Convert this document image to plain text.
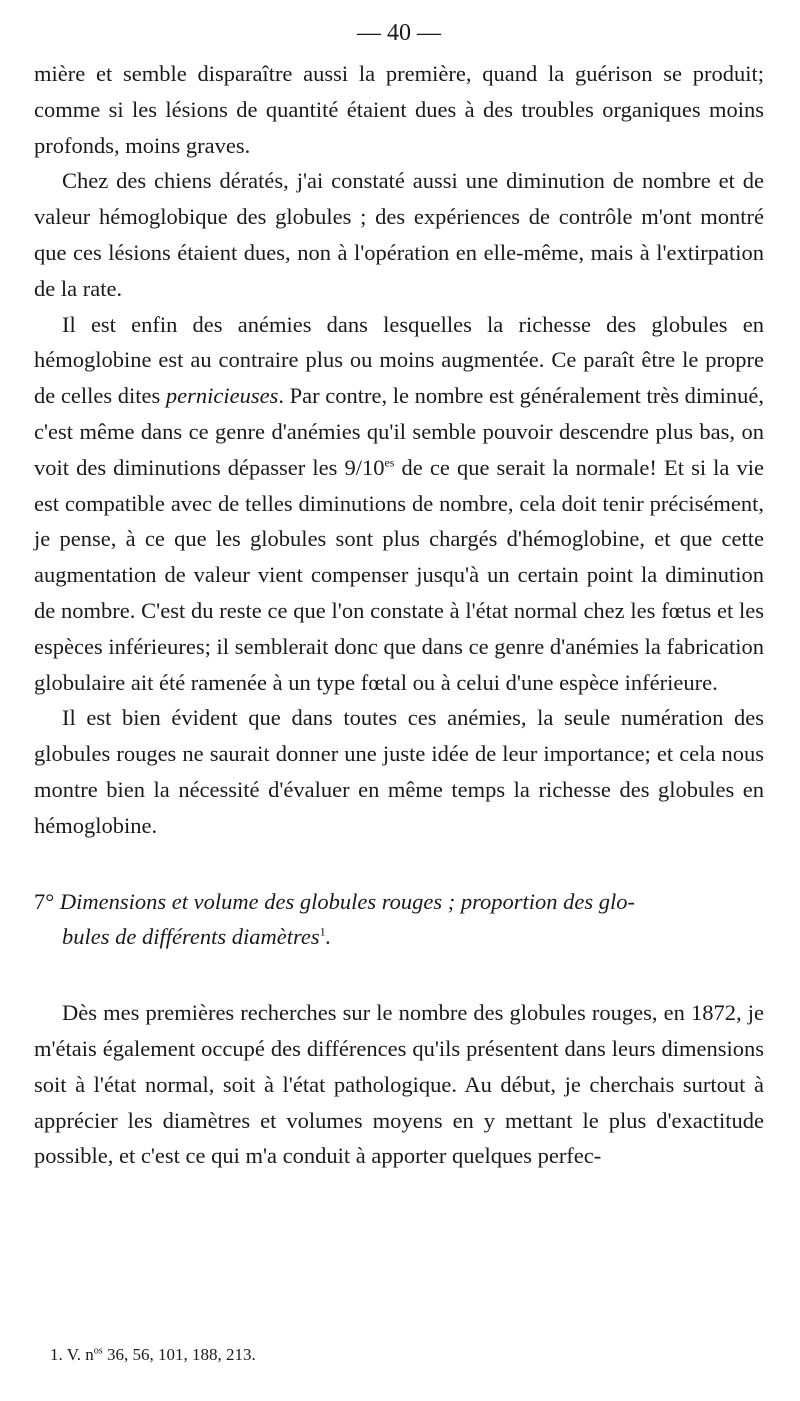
— 40 —

mière et semble disparaître aussi la première, quand la guérison se produit; comme si les lésions de quantité étaient dues à des troubles organiques moins profonds, moins graves.

Chez des chiens dératés, j'ai constaté aussi une diminution de nombre et de valeur hémoglobique des globules ; des expériences de contrôle m'ont montré que ces lésions étaient dues, non à l'opération en elle-même, mais à l'extirpation de la rate.

Il est enfin des anémies dans lesquelles la richesse des globules en hémoglobine est au contraire plus ou moins augmentée. Ce paraît être le propre de celles dites pernicieuses. Par contre, le nombre est généralement très diminué, c'est même dans ce genre d'anémies qu'il semble pouvoir descendre plus bas, on voit des diminutions dépasser les $9/10^{es}$ de ce que serait la normale! Et si la vie est compatible avec de telles diminutions de nombre, cela doit tenir précisément, je pense, à ce que les globules sont plus chargés d'hémoglobine, et que cette augmentation de valeur vient compenser jusqu'à un certain point la diminution de nombre. C'est du reste ce que l'on constate à l'état normal chez les fœtus et les espèces inférieures; il semblerait donc que dans ce genre d'anémies la fabrication globulaire ait été ramenée à un type fœtal ou à celui d'une espèce inférieure.

Il est bien évident que dans toutes ces anémies, la seule numération des globules rouges ne saurait donner une juste idée de leur importance; et cela nous montre bien la nécessité d'évaluer en même temps la richesse des globules en hémoglobine.

7° Dimensions et volume des globules rouges ; proportion des glo-
bules de différents diamètres$^1$.

Dès mes premières recherches sur le nombre des globules rouges, en 1872, je m'étais également occupé des différences qu'ils présentent dans leurs dimensions soit à l'état normal, soit à l'état pathologique. Au début, je cherchais surtout à apprécier les diamètres et volumes moyens en y mettant le plus d'exactitude possible, et c'est ce qui m'a conduit à apporter quelques perfec-

1. V. $n^{os}$ 36, 56, 101, 188, 213.
